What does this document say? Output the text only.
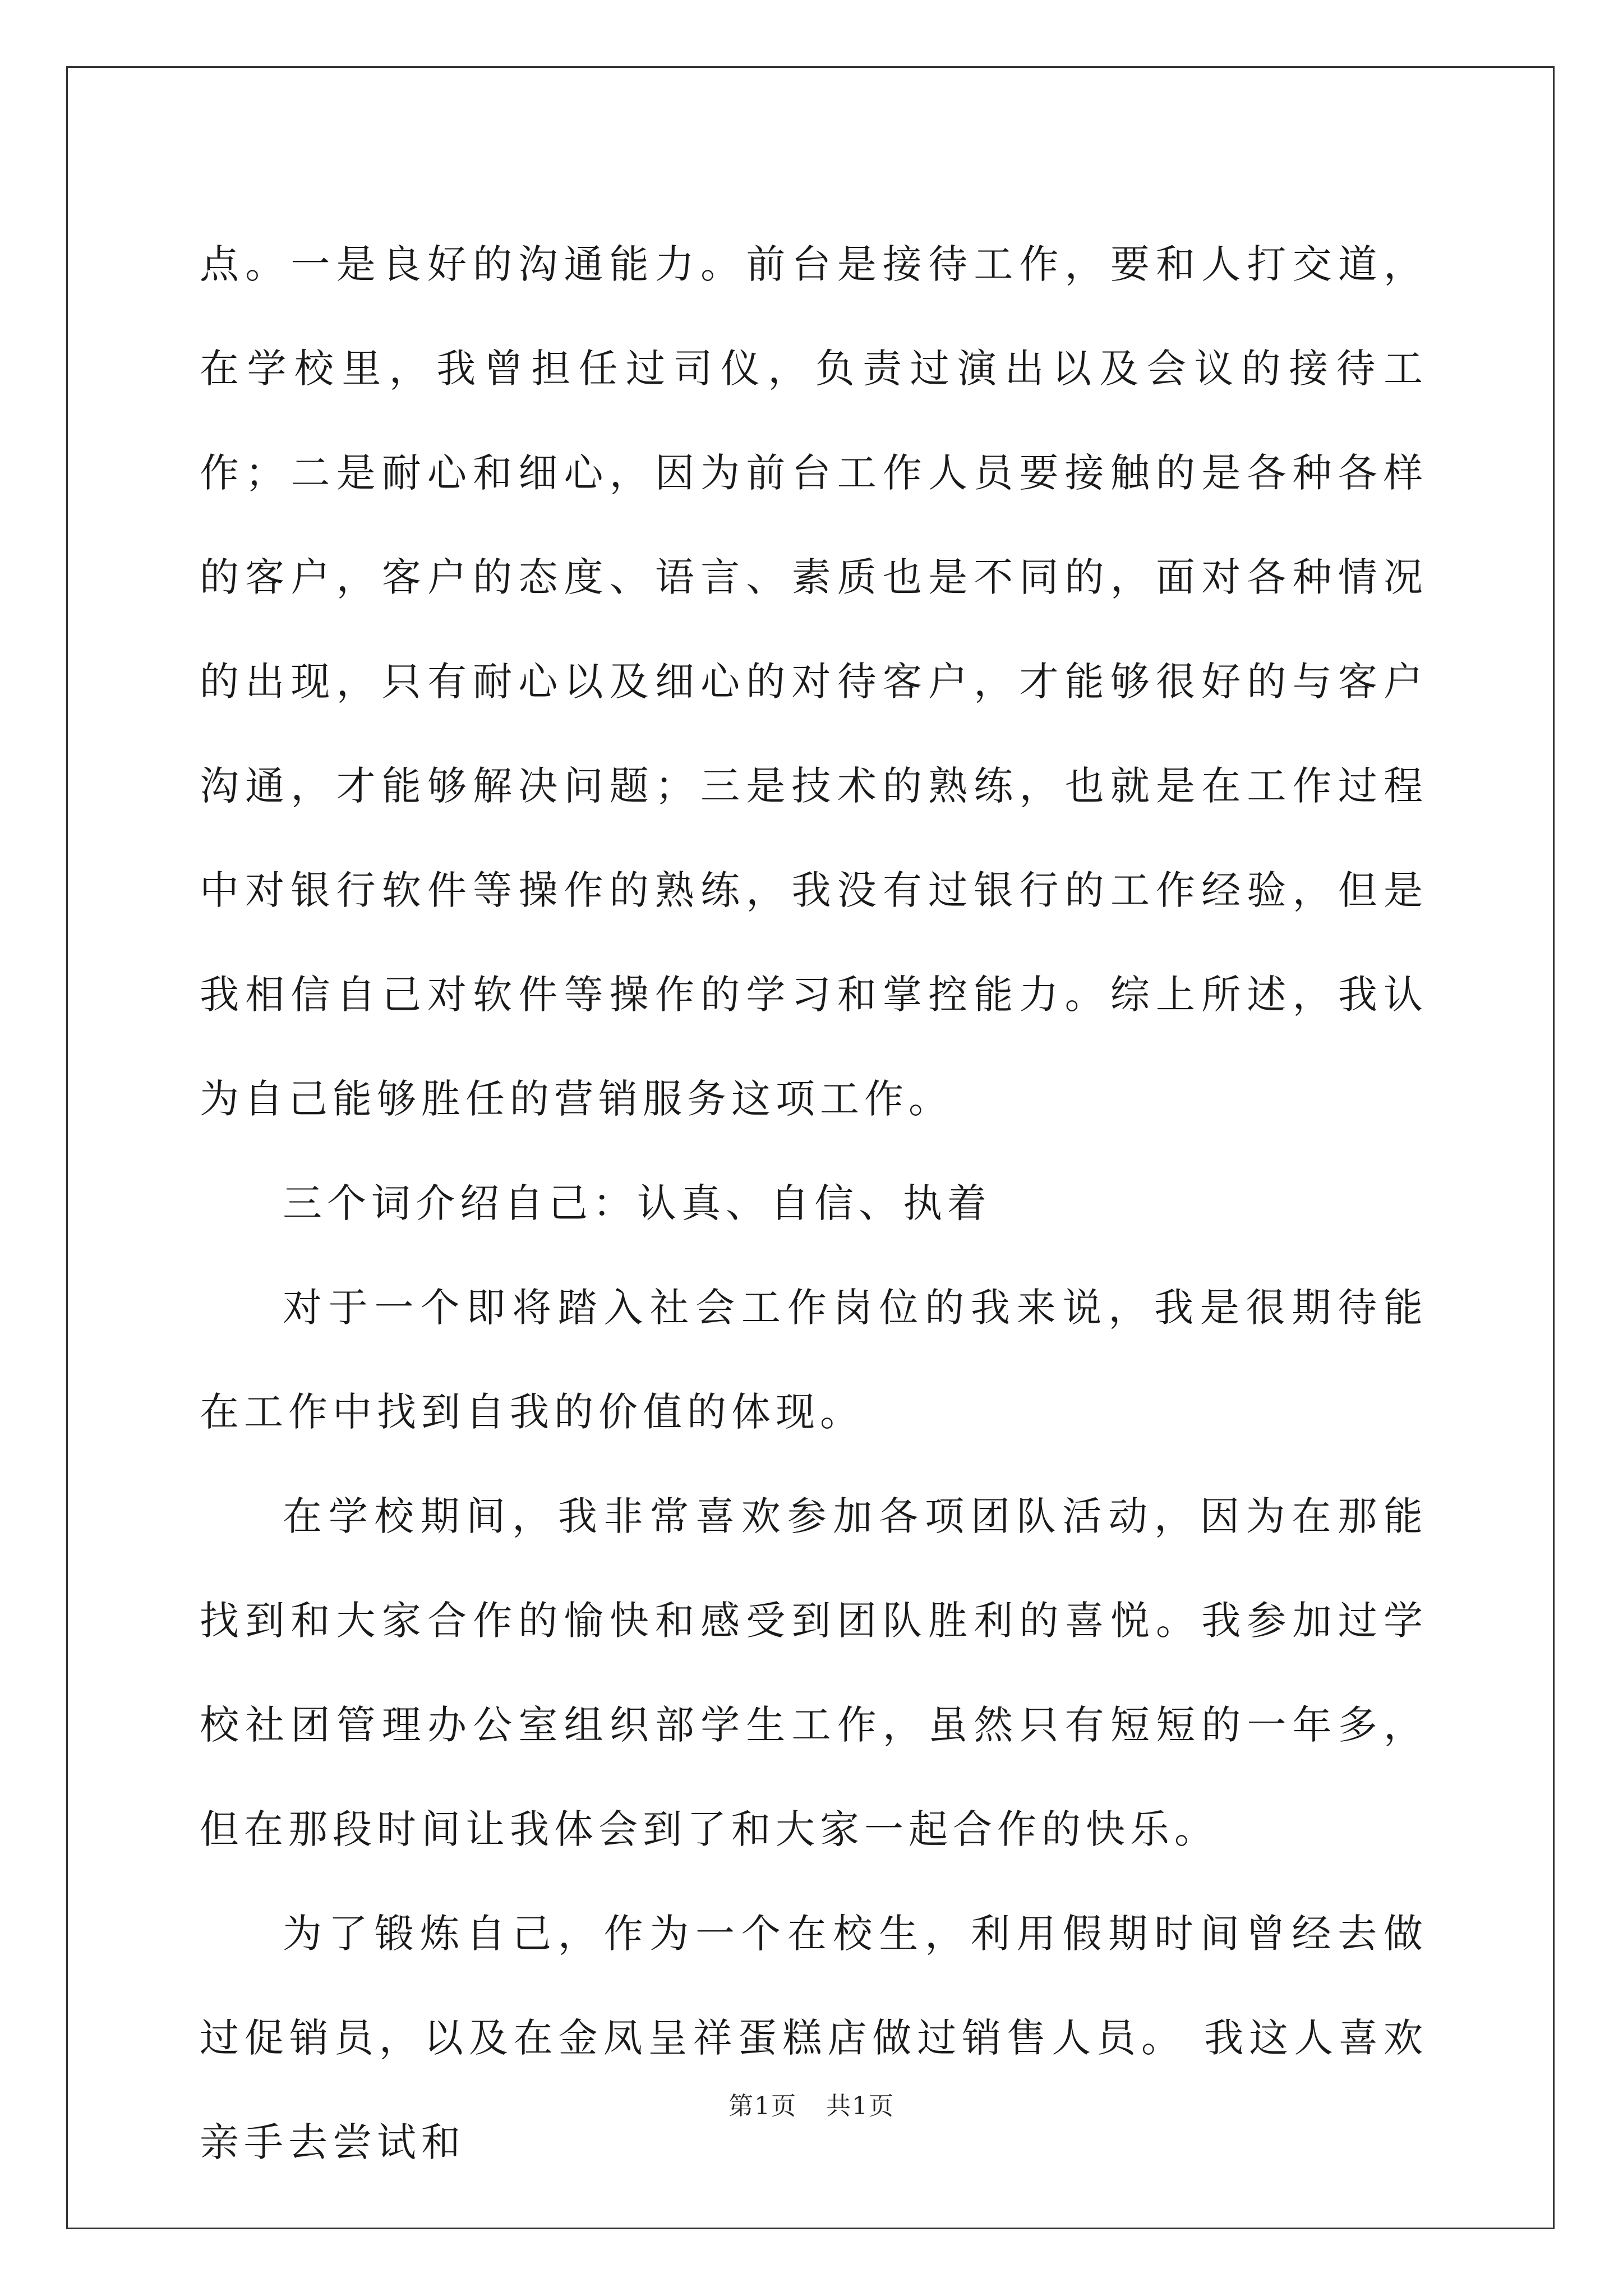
点。一是良好的沟通能力。前台是接待工作，要和人打交道，在学校里，我曾担任过司仪，负责过演出以及会议的接待工作；二是耐心和细心，因为前台工作人员要接触的是各种各样的客户，客户的态度、语言、素质也是不同的，面对各种情况的出现，只有耐心以及细心的对待客户，才能够很好的与客户沟通，才能够解决问题；三是技术的熟练，也就是在工作过程中对银行软件等操作的熟练，我没有过银行的工作经验，但是我相信自己对软件等操作的学习和掌控能力。综上所述，我认为自己能够胜任的营销服务这项工作。

三个词介绍自己：认真、自信、执着

对于一个即将踏入社会工作岗位的我来说，我是很期待能在工作中找到自我的价值的体现。

在学校期间，我非常喜欢参加各项团队活动，因为在那能找到和大家合作的愉快和感受到团队胜利的喜悦。我参加过学校社团管理办公室组织部学生工作，虽然只有短短的一年多，但在那段时间让我体会到了和大家一起合作的快乐。

为了锻炼自己，作为一个在校生，利用假期时间曾经去做过促销员，以及在金凤呈祥蛋糕店做过销售人员。 我这人喜欢亲手去尝试和

第1页 共1页
